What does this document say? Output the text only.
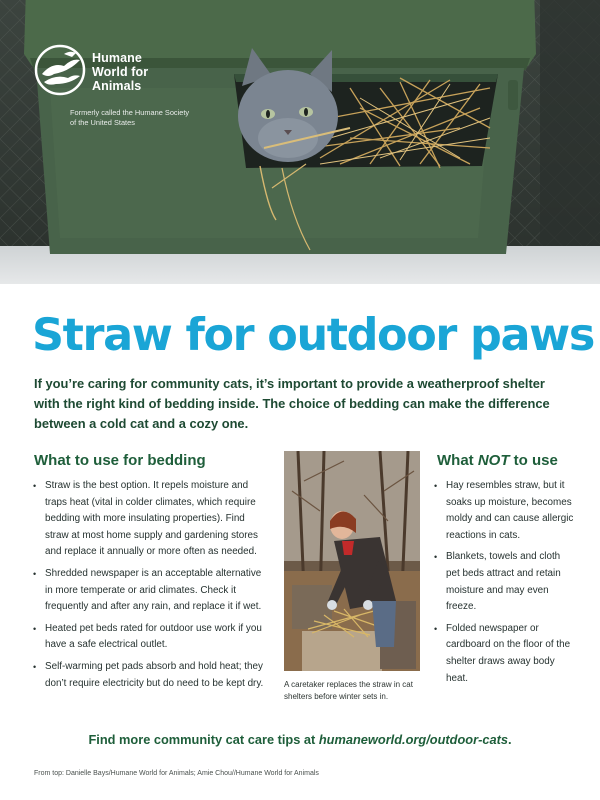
Humane
World for
Animals
Formerly called the Humane Society of the United States
Straw for outdoor paws

If you’re caring for community cats, it’s important to provide a weatherproof shelter with the right kind of bedding inside. The choice of bedding can make the difference between a cold cat and a cozy one.

What to use for bedding
• Straw is the best option. It repels moisture and traps heat (vital in colder climates, which require bedding with more insulating properties). Find straw at most home supply and gardening stores and replace it annually or more often as needed.
• Shredded newspaper is an acceptable alternative in more temperate or arid climates. Check it frequently and after any rain, and replace it if wet.
• Heated pet beds rated for outdoor use work if you have a safe electrical outlet.
• Self-warming pet pads absorb and hold heat; they don’t require electricity but do need to be kept dry.	A caretaker replaces the straw in cat shelters before winter sets in.

What NOT to use
• Hay resembles straw, but it soaks up moisture, becomes moldy and can cause allergic reactions in cats.
• Blankets, towels and cloth pet beds attract and retain moisture and may even freeze.
• Folded newspaper or cardboard on the floor of the shelter draws away body heat.

Find more community cat care tips at humaneworld.org/outdoor-cats.

From top: Danielle Bays/Humane World for Animals; Amie Chou//Humane World for Animals
